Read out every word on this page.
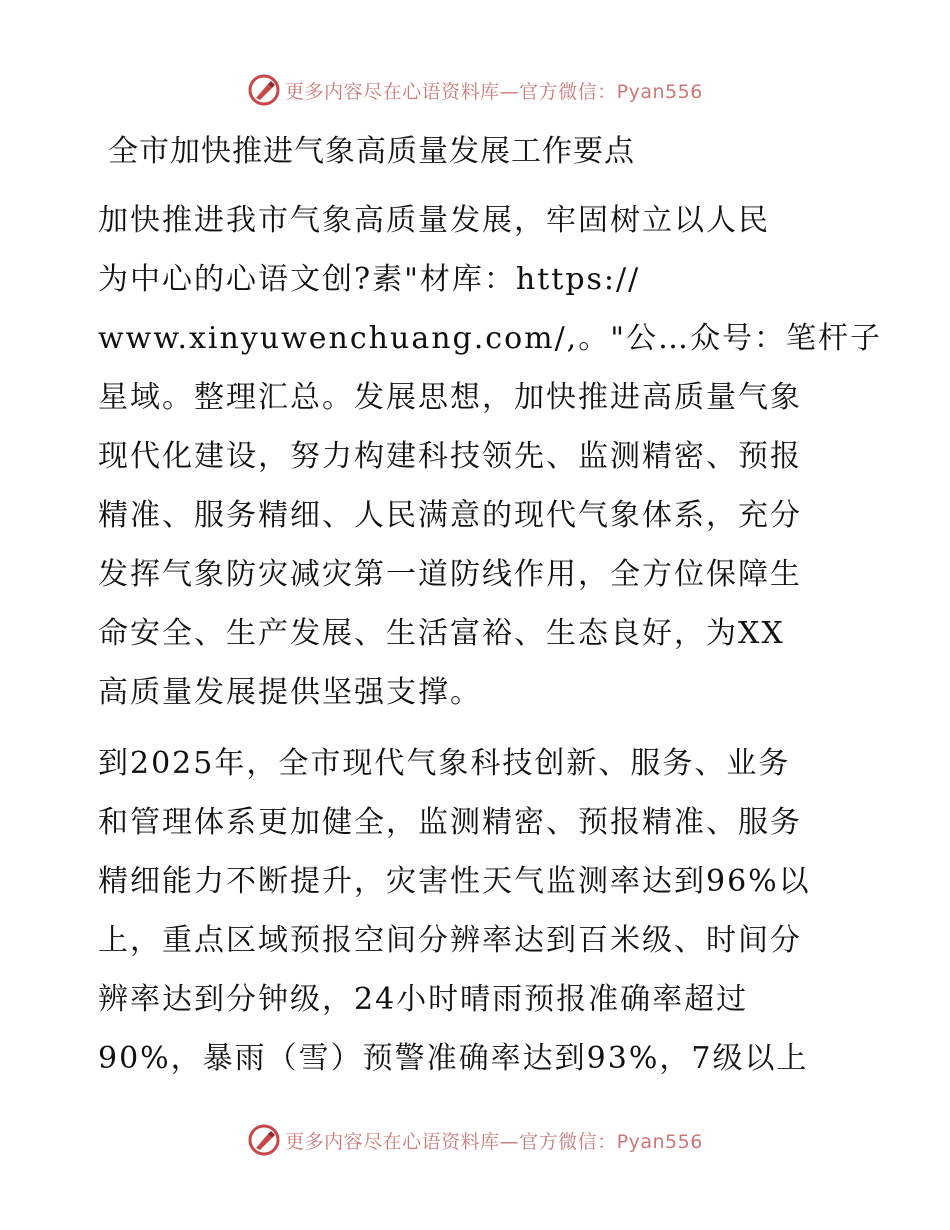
更多内容尽在心语资料库—官方微信：Pyan556
全市加快推进气象高质量发展工作要点
加快推进我市气象高质量发展，牢固树立以人民
为中心的心语文创?素"材库：https://
www.xinyuwenchuang.com/,。"公…众号：笔杆子
星域。整理汇总。发展思想，加快推进高质量气象
现代化建设，努力构建科技领先、监测精密、预报
精准、服务精细、人民满意的现代气象体系，充分
发挥气象防灾减灾第一道防线作用，全方位保障生
命安全、生产发展、生活富裕、生态良好，为XX
高质量发展提供坚强支撑。
到2025年，全市现代气象科技创新、服务、业务
和管理体系更加健全，监测精密、预报精准、服务
精细能力不断提升，灾害性天气监测率达到96%以
上，重点区域预报空间分辨率达到百米级、时间分
辨率达到分钟级，24小时晴雨预报准确率超过
90%，暴雨（雪）预警准确率达到93%，7级以上
更多内容尽在心语资料库—官方微信：Pyan556
